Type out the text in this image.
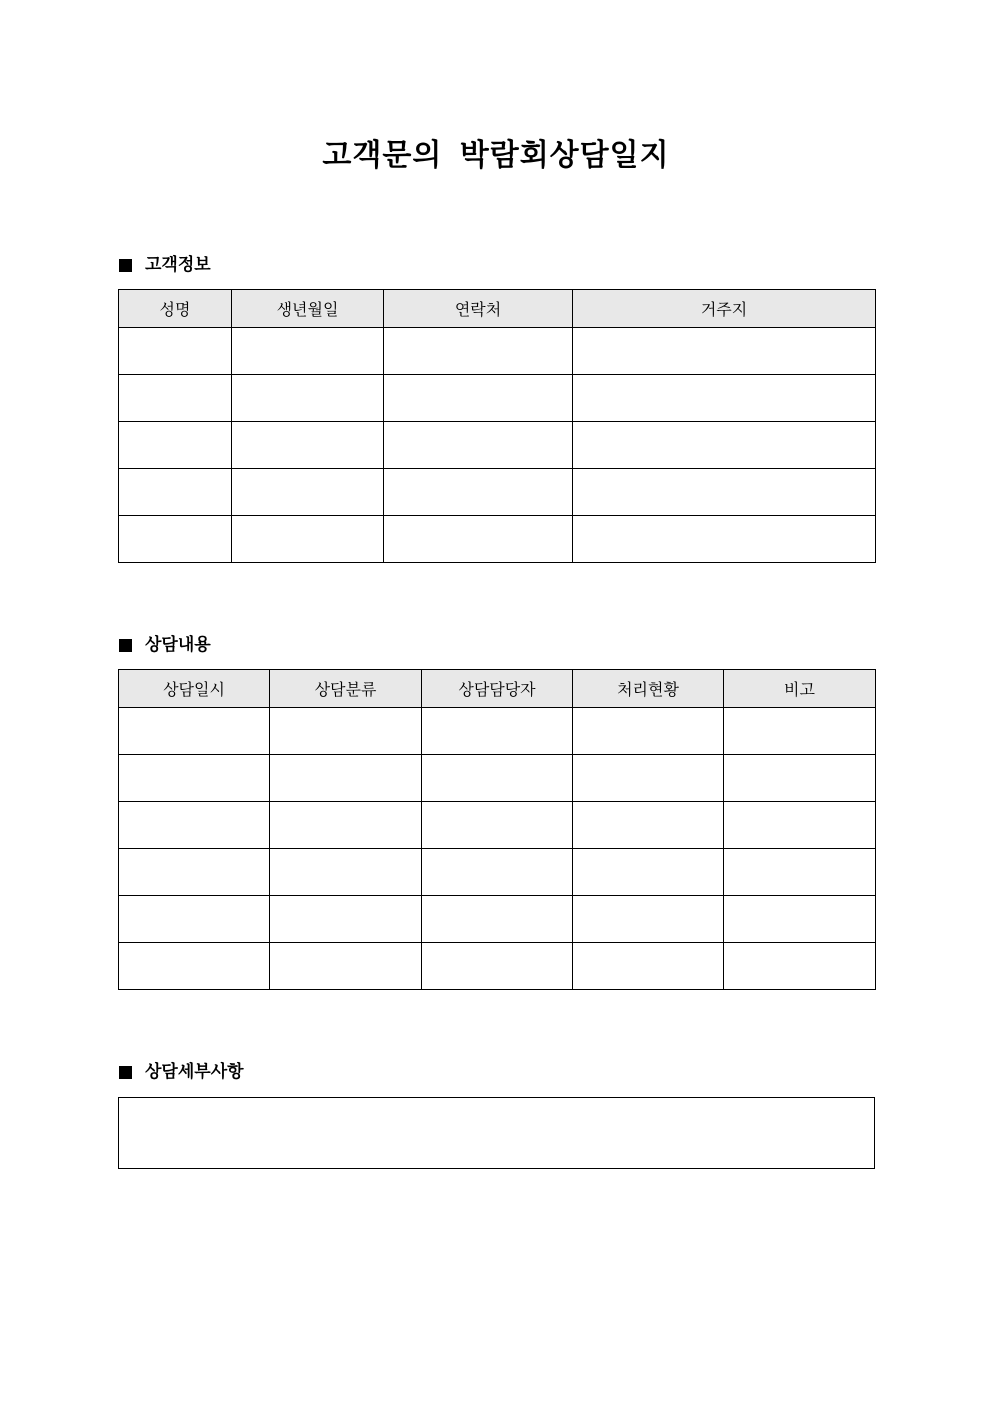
고객문의 박람회상담일지
고객정보
성명	생년월일	연락처	거주지

상담내용
상담일시	상담분류	상담담당자	처리현황	비고

상담세부사항
